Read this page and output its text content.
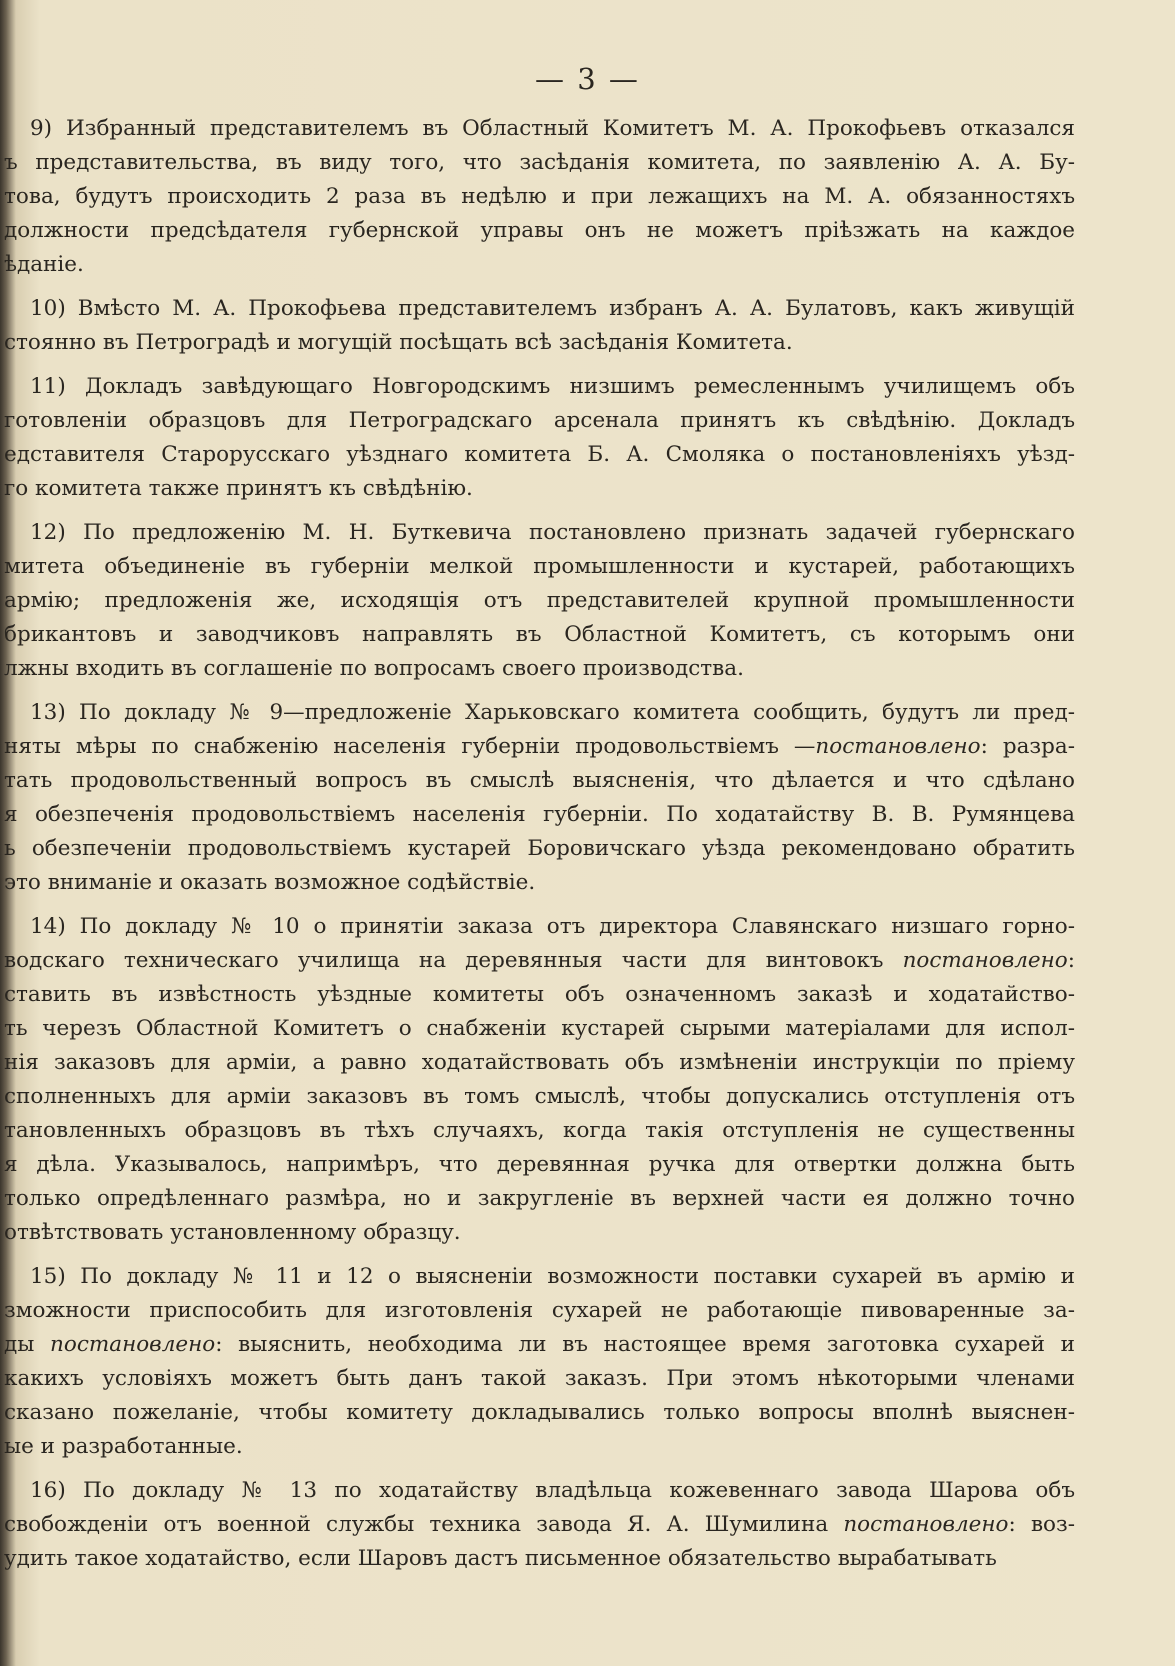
— 3 —
9) Избранный представителемъ въ Областный Комитетъ М. А. Прокофьевъ отказался
ъ представительства, въ виду того, что засѣданія комитета, по заявленію А. А. Бу-
това, будутъ происходить 2 раза въ недѣлю и при лежащихъ на М. А. обязанностяхъ
должности предсѣдателя губернской управы онъ не можетъ пріѣзжать на каждое
ѣданіе.
10) Вмѣсто М. А. Прокофьева представителемъ избранъ А. А. Булатовъ, какъ живущій
стоянно въ Петроградѣ и могущій посѣщать всѣ засѣданія Комитета.
11) Докладъ завѣдующаго Новгородскимъ низшимъ ремесленнымъ училищемъ объ
готовленіи образцовъ для Петроградскаго арсенала принятъ къ свѣдѣнію. Докладъ
едставителя Старорусскаго уѣзднаго комитета Б. А. Смоляка о постановленіяхъ уѣзд-
го комитета также принятъ къ свѣдѣнію.
12) По предложенію М. Н. Буткевича постановлено признать задачей губернскаго
митета объединеніе въ губерніи мелкой промышленности и кустарей, работающихъ
армію; предложенія же, исходящія отъ представителей крупной промышленности
брикантовъ и заводчиковъ направлять въ Областной Комитетъ, съ которымъ они
лжны входить въ соглашеніе по вопросамъ своего производства.
13) По докладу № 9—предложеніе Харьковскаго комитета сообщить, будутъ ли пред-
няты мѣры по снабженію населенія губерніи продовольствіемъ —постановлено: разра-
тать продовольственный вопросъ въ смыслѣ выясненія, что дѣлается и что сдѣлано
я обезпеченія продовольствіемъ населенія губерніи. По ходатайству В. В. Румянцева
ь обезпеченіи продовольствіемъ кустарей Боровичскаго уѣзда рекомендовано обратить
это вниманіе и оказать возможное содѣйствіе.
14) По докладу № 10 о принятіи заказа отъ директора Славянскаго низшаго горно-
водскаго техническаго училища на деревянныя части для винтовокъ постановлено:
ставить въ извѣстность уѣздные комитеты объ означенномъ заказѣ и ходатайство-
ть черезъ Областной Комитетъ о снабженіи кустарей сырыми матеріалами для испол-
нія заказовъ для арміи, а равно ходатайствовать объ измѣненіи инструкціи по пріему
сполненныхъ для арміи заказовъ въ томъ смыслѣ, чтобы допускались отступленія отъ
тановленныхъ образцовъ въ тѣхъ случаяхъ, когда такія отступленія не существенны
я дѣла. Указывалось, напримѣръ, что деревянная ручка для отвертки должна быть
только опредѣленнаго размѣра, но и закругленіе въ верхней части ея должно точно
отвѣтствовать установленному образцу.
15) По докладу № 11 и 12 о выясненіи возможности поставки сухарей въ армію и
зможности приспособить для изготовленія сухарей не работающіе пивоваренные за-
ды постановлено: выяснить, необходима ли въ настоящее время заготовка сухарей и
какихъ условіяхъ можетъ быть данъ такой заказъ. При этомъ нѣкоторыми членами
сказано пожеланіе, чтобы комитету докладывались только вопросы вполнѣ выяснен-
ые и разработанные.
16) По докладу № 13 по ходатайству владѣльца кожевеннаго завода Шарова объ
свобожденіи отъ военной службы техника завода Я. А. Шумилина постановлено: воз-
удить такое ходатайство, если Шаровъ дастъ письменное обязательство вырабатывать
